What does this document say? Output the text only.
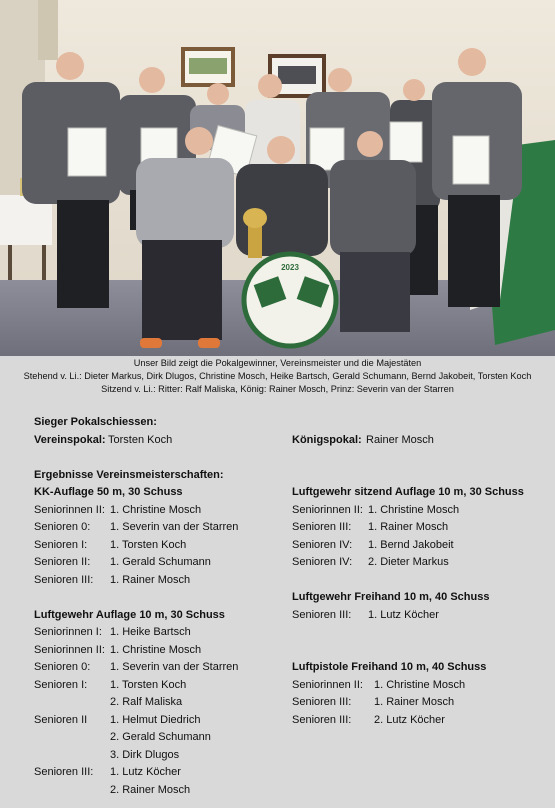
2023
Unser Bild zeigt die Pokalgewinner, Vereinsmeister und die Majestäten
Stehend v. Li.: Dieter Markus, Dirk Dlugos, Christine Mosch, Heike Bartsch, Gerald Schumann, Bernd Jakobeit, Torsten Koch
Sitzend v. Li.: Ritter: Ralf Maliska, König: Rainer Mosch, Prinz: Severin van der Starren
Sieger Pokalschiessen:
Vereinspokal: Torsten Koch
Ergebnisse Vereinsmeisterschaften:
KK-Auflage 50 m, 30 Schuss
Seniorinnen II: 1. Christine Mosch
Senioren 0: 1. Severin van der Starren
Senioren I: 1. Torsten Koch
Senioren II: 1. Gerald Schumann
Senioren III: 1. Rainer Mosch
Luftgewehr Auflage 10 m, 30 Schuss
Seniorinnen I: 1. Heike Bartsch
Seniorinnen II: 1. Christine Mosch
Senioren 0: 1. Severin van der Starren
Senioren I: 1. Torsten Koch
2. Ralf Maliska
Senioren II 1. Helmut Diedrich
2. Gerald Schumann
3. Dirk Dlugos
Senioren III: 1. Lutz Köcher
2. Rainer Mosch
Königspokal: Rainer Mosch
Luftgewehr sitzend Auflage 10 m, 30 Schuss
Seniorinnen II: 1. Christine Mosch
Senioren III: 1. Rainer Mosch
Senioren IV: 1. Bernd Jakobeit
Senioren IV: 2. Dieter Markus
Luftgewehr Freihand 10 m, 40 Schuss
Senioren III: 1. Lutz Köcher
Luftpistole Freihand 10 m, 40 Schuss
Seniorinnen II: 1. Christine Mosch
Senioren III: 1. Rainer Mosch
Senioren III: 2. Lutz Köcher
